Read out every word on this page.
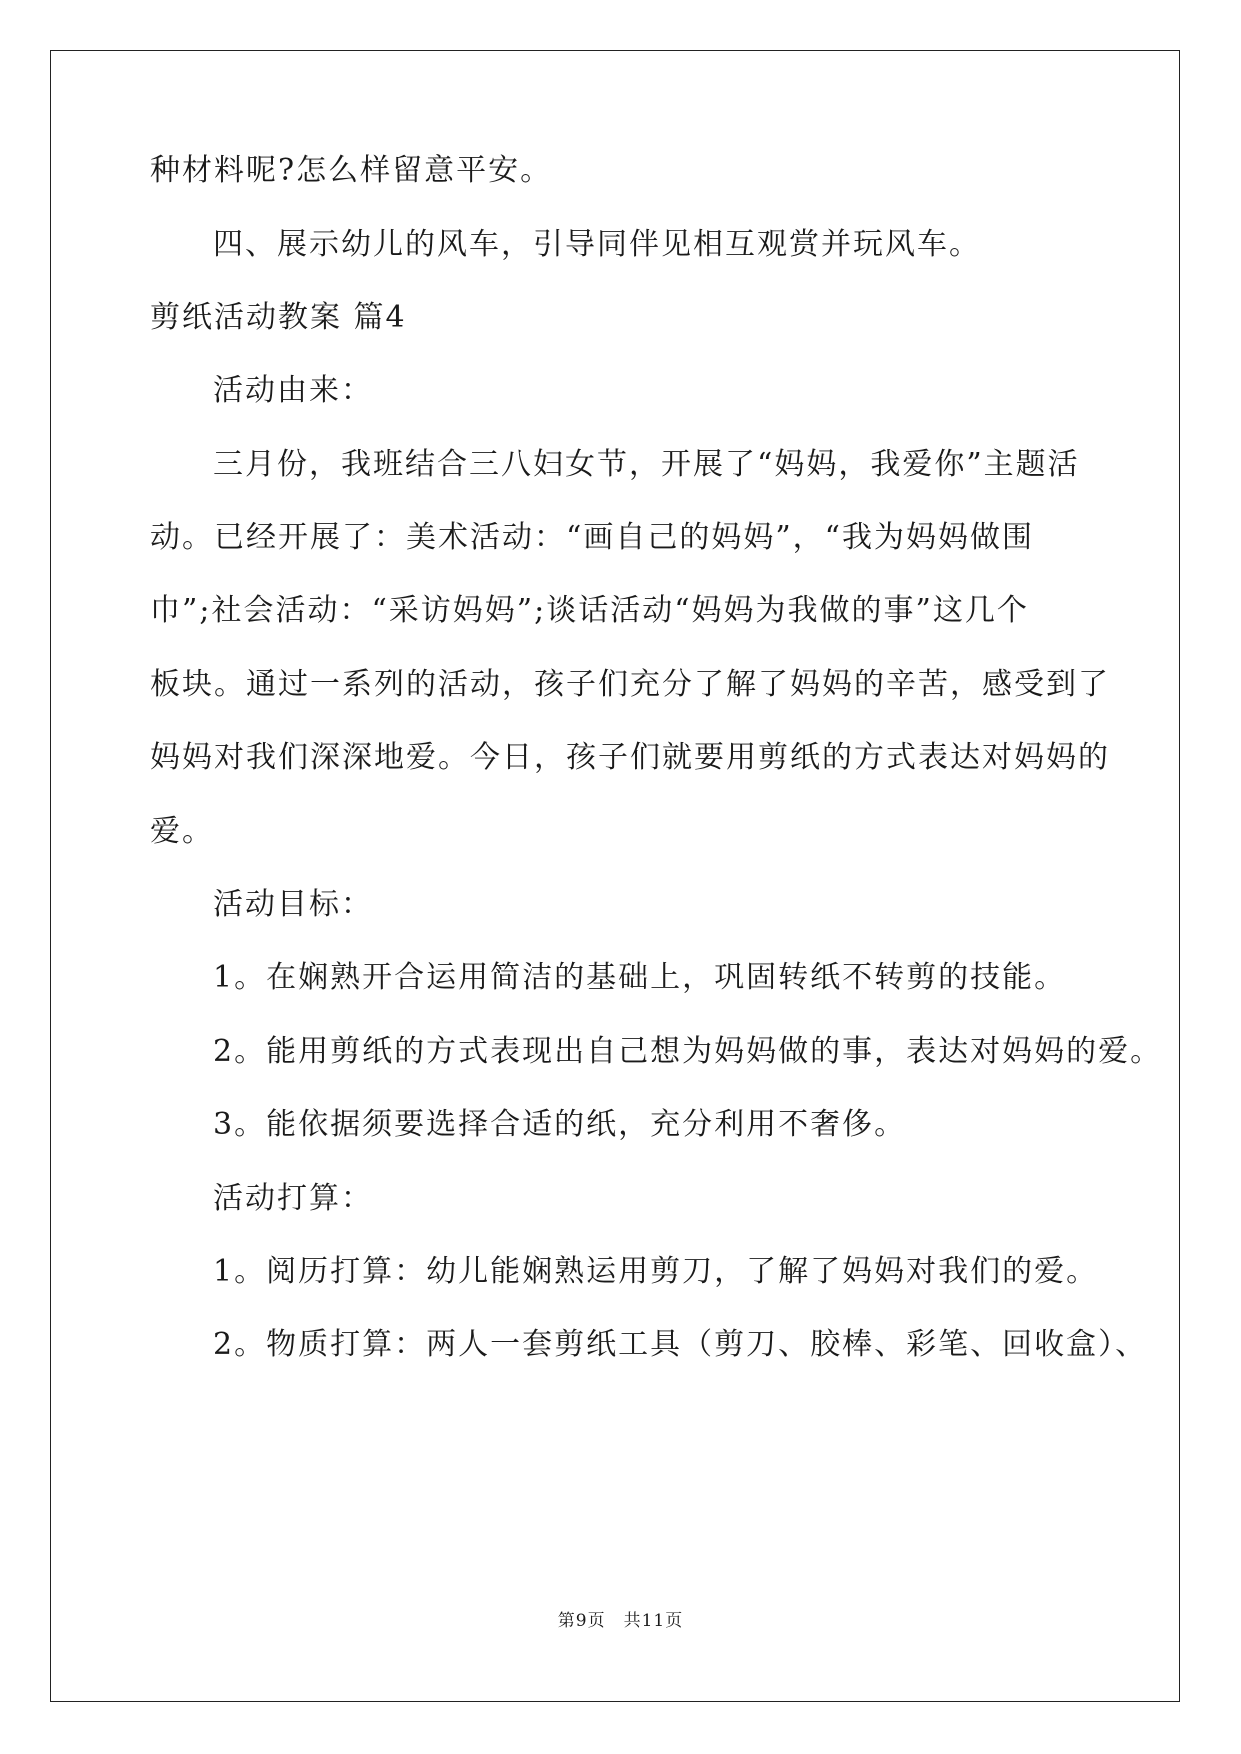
种材料呢?怎么样留意平安。
四、展示幼儿的风车，引导同伴见相互观赏并玩风车。
剪纸活动教案 篇4
活动由来：
三月份，我班结合三八妇女节，开展了“妈妈，我爱你”主题活
动。已经开展了：美术活动：“画自己的妈妈”，“我为妈妈做围
巾”;社会活动：“采访妈妈”;谈话活动“妈妈为我做的事”这几个
板块。通过一系列的活动，孩子们充分了解了妈妈的辛苦，感受到了
妈妈对我们深深地爱。今日，孩子们就要用剪纸的方式表达对妈妈的
爱。
活动目标：
1。在娴熟开合运用简洁的基础上，巩固转纸不转剪的技能。
2。能用剪纸的方式表现出自己想为妈妈做的事，表达对妈妈的爱。
3。能依据须要选择合适的纸，充分利用不奢侈。
活动打算：
1。阅历打算：幼儿能娴熟运用剪刀，了解了妈妈对我们的爱。
2。物质打算：两人一套剪纸工具（剪刀、胶棒、彩笔、回收盒）、
第9页　共11页
